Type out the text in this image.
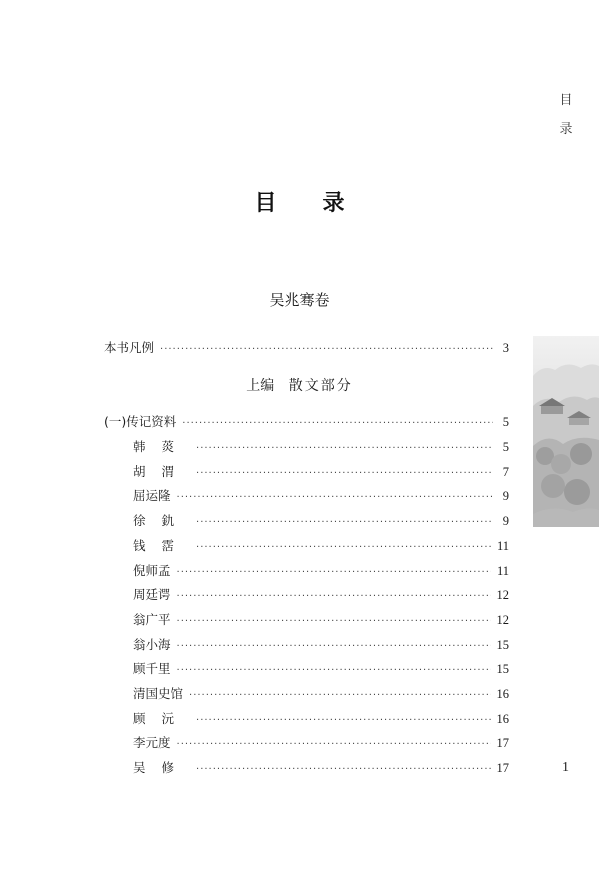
目
录
目录
吴兆骞卷
本书凡例 ·····	3
上编 散文部分
(一)传记资料 ·····	5
韩菼 ·····	5
胡渭 ·····	7
屈运隆 ·····	9
徐釚 ·····	9
钱霑 ·····	11
倪师孟 ·····	11
周廷谔 ·····	12
翁广平 ·····	12
翁小海 ·····	15
顾千里 ·····	15
清国史馆 ·····	16
顾沅 ·····	16
李元度 ·····	17
吴修 ·····	17	1
